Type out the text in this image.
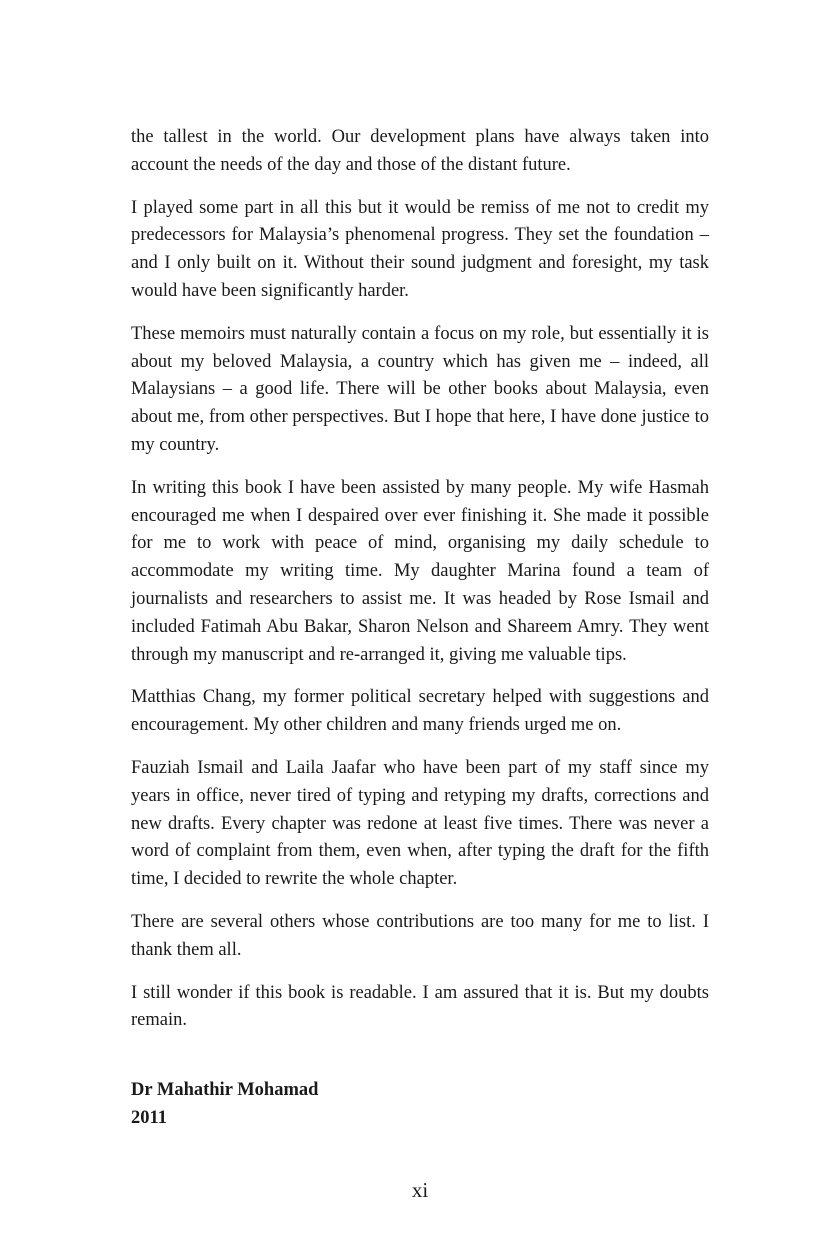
the tallest in the world. Our development plans have always taken into account the needs of the day and those of the distant future.

I played some part in all this but it would be remiss of me not to credit my predecessors for Malaysia’s phenomenal progress. They set the foundation – and I only built on it. Without their sound judgment and foresight, my task would have been significantly harder.

These memoirs must naturally contain a focus on my role, but essentially it is about my beloved Malaysia, a country which has given me – indeed, all Malaysians – a good life. There will be other books about Malaysia, even about me, from other perspectives. But I hope that here, I have done justice to my country.

In writing this book I have been assisted by many people. My wife Hasmah encouraged me when I despaired over ever finishing it. She made it possible for me to work with peace of mind, organising my daily schedule to accommodate my writing time. My daughter Marina found a team of journalists and researchers to assist me. It was headed by Rose Ismail and included Fatimah Abu Bakar, Sharon Nelson and Shareem Amry. They went through my manuscript and re-arranged it, giving me valuable tips.

Matthias Chang, my former political secretary helped with suggestions and encouragement. My other children and many friends urged me on.

Fauziah Ismail and Laila Jaafar who have been part of my staff since my years in office, never tired of typing and retyping my drafts, corrections and new drafts. Every chapter was redone at least five times. There was never a word of complaint from them, even when, after typing the draft for the fifth time, I decided to rewrite the whole chapter.

There are several others whose contributions are too many for me to list. I thank them all.

I still wonder if this book is readable. I am assured that it is. But my doubts remain.

Dr Mahathir Mohamad

2011

xi
